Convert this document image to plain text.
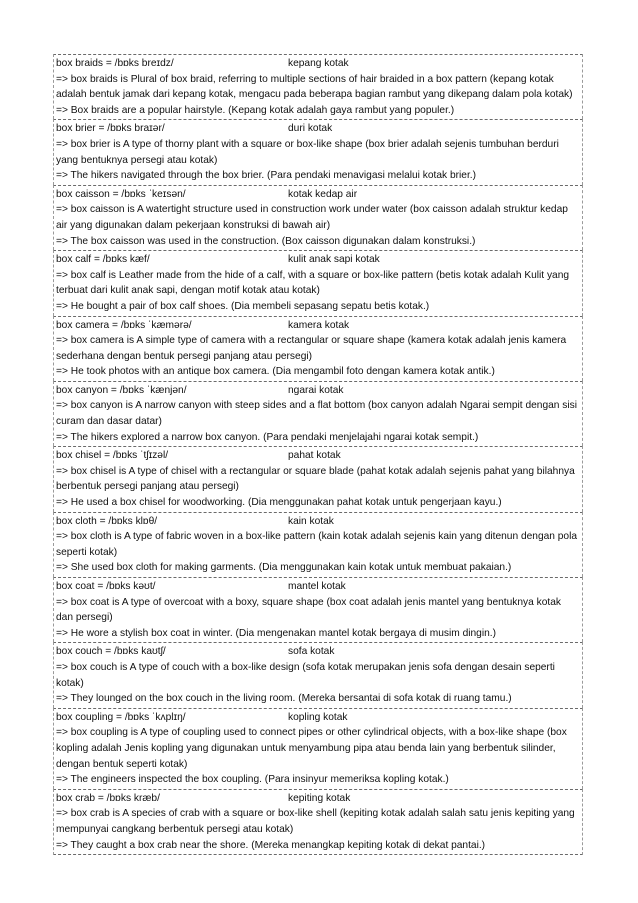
box braids = /bɒks breɪdz/	kepang kotak
=> box braids is Plural of box braid, referring to multiple sections of hair braided in a box pattern (kepang kotak adalah bentuk jamak dari kepang kotak, mengacu pada beberapa bagian rambut yang dikepang dalam pola kotak)
=> Box braids are a popular hairstyle. (Kepang kotak adalah gaya rambut yang populer.)
box brier = /bɒks braɪər/	duri kotak
=> box brier is A type of thorny plant with a square or box-like shape (box brier adalah sejenis tumbuhan berduri yang bentuknya persegi atau kotak)
=> The hikers navigated through the box brier. (Para pendaki menavigasi melalui kotak brier.)
box caisson = /bɒks ˈkeɪsən/	kotak kedap air
=> box caisson is A watertight structure used in construction work under water (box caisson adalah struktur kedap air yang digunakan dalam pekerjaan konstruksi di bawah air)
=> The box caisson was used in the construction. (Box caisson digunakan dalam konstruksi.)
box calf = /bɒks kæf/	kulit anak sapi kotak
=> box calf is Leather made from the hide of a calf, with a square or box-like pattern (betis kotak adalah Kulit yang terbuat dari kulit anak sapi, dengan motif kotak atau kotak)
=> He bought a pair of box calf shoes. (Dia membeli sepasang sepatu betis kotak.)
box camera = /bɒks ˈkæmərə/	kamera kotak
=> box camera is A simple type of camera with a rectangular or square shape (kamera kotak adalah jenis kamera sederhana dengan bentuk persegi panjang atau persegi)
=> He took photos with an antique box camera. (Dia mengambil foto dengan kamera kotak antik.)
box canyon = /bɒks ˈkænjən/	ngarai kotak
=> box canyon is A narrow canyon with steep sides and a flat bottom (box canyon adalah Ngarai sempit dengan sisi curam dan dasar datar)
=> The hikers explored a narrow box canyon. (Para pendaki menjelajahi ngarai kotak sempit.)
box chisel = /bɒks ˈtʃɪzəl/	pahat kotak
=> box chisel is A type of chisel with a rectangular or square blade (pahat kotak adalah sejenis pahat yang bilahnya berbentuk persegi panjang atau persegi)
=> He used a box chisel for woodworking. (Dia menggunakan pahat kotak untuk pengerjaan kayu.)
box cloth = /bɒks klɒθ/	kain kotak
=> box cloth is A type of fabric woven in a box-like pattern (kain kotak adalah sejenis kain yang ditenun dengan pola seperti kotak)
=> She used box cloth for making garments. (Dia menggunakan kain kotak untuk membuat pakaian.)
box coat = /bɒks kəʊt/	mantel kotak
=> box coat is A type of overcoat with a boxy, square shape (box coat adalah jenis mantel yang bentuknya kotak dan persegi)
=> He wore a stylish box coat in winter. (Dia mengenakan mantel kotak bergaya di musim dingin.)
box couch = /bɒks kaʊtʃ/	sofa kotak
=> box couch is A type of couch with a box-like design (sofa kotak merupakan jenis sofa dengan desain seperti kotak)
=> They lounged on the box couch in the living room. (Mereka bersantai di sofa kotak di ruang tamu.)
box coupling = /bɒks ˈkʌplɪŋ/	kopling kotak
=> box coupling is A type of coupling used to connect pipes or other cylindrical objects, with a box-like shape (box kopling adalah Jenis kopling yang digunakan untuk menyambung pipa atau benda lain yang berbentuk silinder, dengan bentuk seperti kotak)
=> The engineers inspected the box coupling. (Para insinyur memeriksa kopling kotak.)
box crab = /bɒks kræb/	kepiting kotak
=> box crab is A species of crab with a square or box-like shell (kepiting kotak adalah salah satu jenis kepiting yang mempunyai cangkang berbentuk persegi atau kotak)
=> They caught a box crab near the shore. (Mereka menangkap kepiting kotak di dekat pantai.)
